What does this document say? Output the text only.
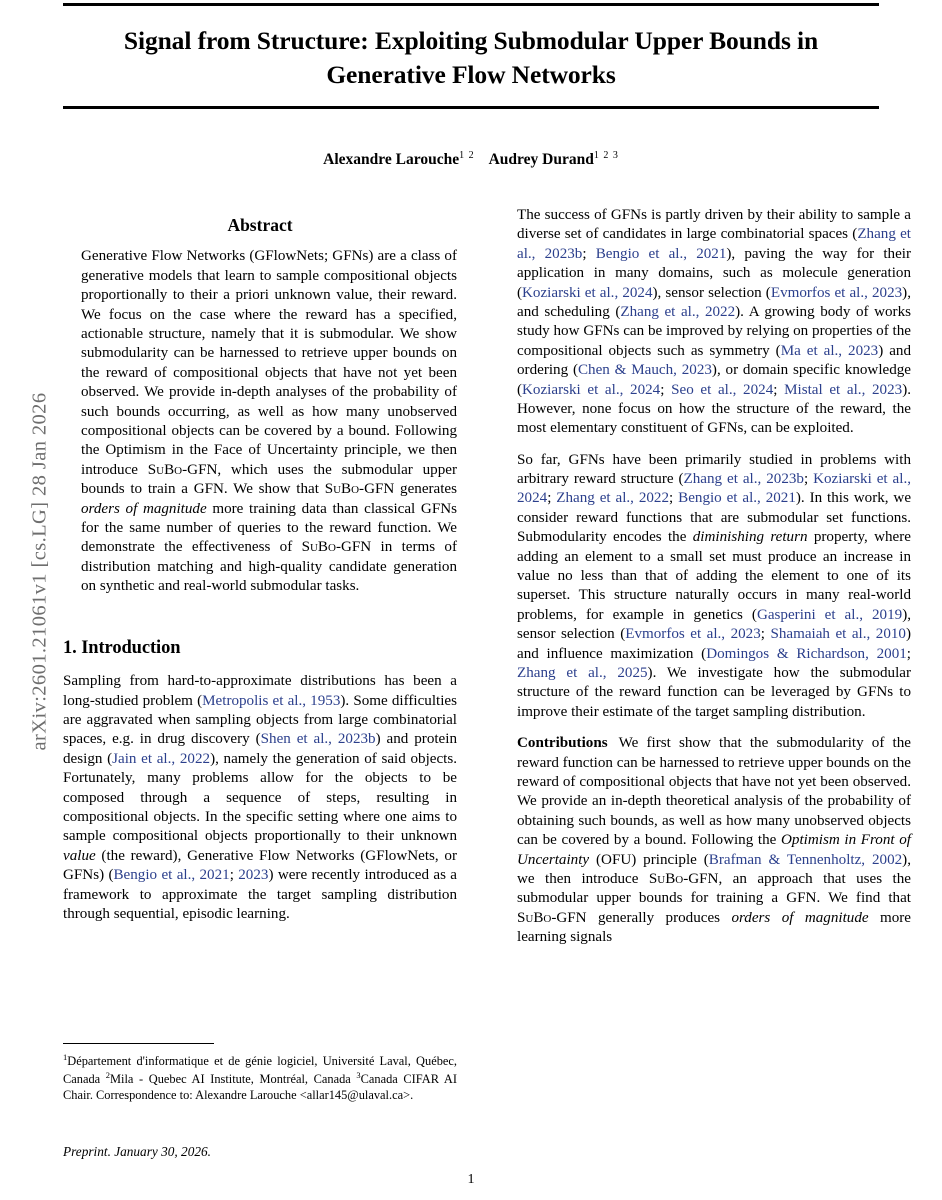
arXiv:2601.21061v1 [cs.LG] 28 Jan 2026
Signal from Structure: Exploiting Submodular Upper Bounds in Generative Flow Networks
Alexandre Larouche$^{1 2}$ Audrey Durand$^{1 2 3}$
Abstract
Generative Flow Networks (GFlowNets; GFNs) are a class of generative models that learn to sample compositional objects proportionally to their a priori unknown value, their reward. We focus on the case where the reward has a specified, actionable structure, namely that it is submodular. We show submodularity can be harnessed to retrieve upper bounds on the reward of compositional objects that have not yet been observed. We provide in-depth analyses of the probability of such bounds occurring, as well as how many unobserved compositional objects can be covered by a bound. Following the Optimism in the Face of Uncertainty principle, we then introduce SuBo-GFN, which uses the submodular upper bounds to train a GFN. We show that SuBo-GFN generates orders of magnitude more training data than classical GFNs for the same number of queries to the reward function. We demonstrate the effectiveness of SuBo-GFN in terms of distribution matching and high-quality candidate generation on synthetic and real-world submodular tasks.
1. Introduction

Sampling from hard-to-approximate distributions has been a long-studied problem (Metropolis et al., 1953). Some difficulties are aggravated when sampling objects from large combinatorial spaces, e.g. in drug discovery (Shen et al., 2023b) and protein design (Jain et al., 2022), namely the generation of said objects. Fortunately, many problems allow for the objects to be composed through a sequence of steps, resulting in compositional objects. In the specific setting where one aims to sample compositional objects proportionally to their unknown value (the reward), Generative Flow Networks (GFlowNets, or GFNs) (Bengio et al., 2021; 2023) were recently introduced as a framework to approximate the target sampling distribution through sequential, episodic learning.

The success of GFNs is partly driven by their ability to sample a diverse set of candidates in large combinatorial spaces (Zhang et al., 2023b; Bengio et al., 2021), paving the way for their application in many domains, such as molecule generation (Koziarski et al., 2024), sensor selection (Evmorfos et al., 2023), and scheduling (Zhang et al., 2022). A growing body of works study how GFNs can be improved by relying on properties of the compositional objects such as symmetry (Ma et al., 2023) and ordering (Chen & Mauch, 2023), or domain specific knowledge (Koziarski et al., 2024; Seo et al., 2024; Mistal et al., 2023). However, none focus on how the structure of the reward, the most elementary constituent of GFNs, can be exploited.

So far, GFNs have been primarily studied in problems with arbitrary reward structure (Zhang et al., 2023b; Koziarski et al., 2024; Zhang et al., 2022; Bengio et al., 2021). In this work, we consider reward functions that are submodular set functions. Submodularity encodes the diminishing return property, where adding an element to a small set must produce an increase in value no less than that of adding the element to one of its superset. This structure naturally occurs in many real-world problems, for example in genetics (Gasperini et al., 2019), sensor selection (Evmorfos et al., 2023; Shamaiah et al., 2010) and influence maximization (Domingos & Richardson, 2001; Zhang et al., 2025). We investigate how the submodular structure of the reward function can be leveraged by GFNs to improve their estimate of the target sampling distribution.

Contributions We first show that the submodularity of the reward function can be harnessed to retrieve upper bounds on the reward of compositional objects that have not yet been observed. We provide an in-depth theoretical analysis of the probability of obtaining such bounds, as well as how many unobserved objects can be covered by a bound. Following the Optimism in Front of Uncertainty (OFU) principle (Brafman & Tennenholtz, 2002), we then introduce SuBo-GFN, an approach that uses the submodular upper bounds for training a GFN. We find that SuBo-GFN generally produces orders of magnitude more learning signals

$^1$Département d'informatique et de génie logiciel, Université Laval, Québec, Canada $^2$Mila - Quebec AI Institute, Montréal, Canada $^3$Canada CIFAR AI Chair. Correspondence to: Alexandre Larouche <allar145@ulaval.ca>.
Preprint. January 30, 2026.
1
